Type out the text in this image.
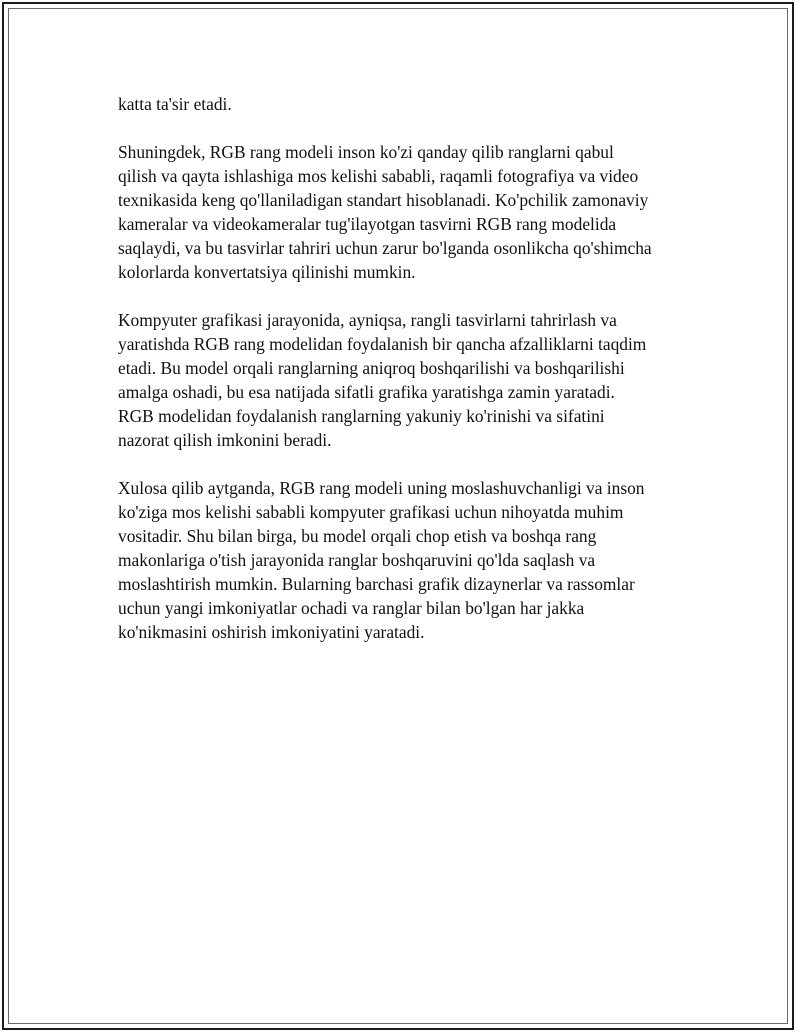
katta ta'sir etadi.

Shuningdek, RGB rang modeli inson ko'zi qanday qilib ranglarni qabul
qilish va qayta ishlashiga mos kelishi sababli, raqamli fotografiya va video
texnikasida keng qo'llaniladigan standart hisoblanadi. Ko'pchilik zamonaviy
kameralar va videokameralar tug'ilayotgan tasvirni RGB rang modelida
saqlaydi, va bu tasvirlar tahriri uchun zarur bo'lganda osonlikcha qo'shimcha
kolorlarda konvertatsiya qilinishi mumkin.

Kompyuter grafikasi jarayonida, ayniqsa, rangli tasvirlarni tahrirlash va
yaratishda RGB rang modelidan foydalanish bir qancha afzalliklarni taqdim
etadi. Bu model orqali ranglarning aniqroq boshqarilishi va boshqarilishi
amalga oshadi, bu esa natijada sifatli grafika yaratishga zamin yaratadi.
RGB modelidan foydalanish ranglarning yakuniy ko'rinishi va sifatini
nazorat qilish imkonini beradi.

Xulosa qilib aytganda, RGB rang modeli uning moslashuvchanligi va inson
ko'ziga mos kelishi sababli kompyuter grafikasi uchun nihoyatda muhim
vositadir. Shu bilan birga, bu model orqali chop etish va boshqa rang
makonlariga o'tish jarayonida ranglar boshqaruvini qo'lda saqlash va
moslashtirish mumkin. Bularning barchasi grafik dizaynerlar va rassomlar
uchun yangi imkoniyatlar ochadi va ranglar bilan bo'lgan har jakka
ko'nikmasini oshirish imkoniyatini yaratadi.
